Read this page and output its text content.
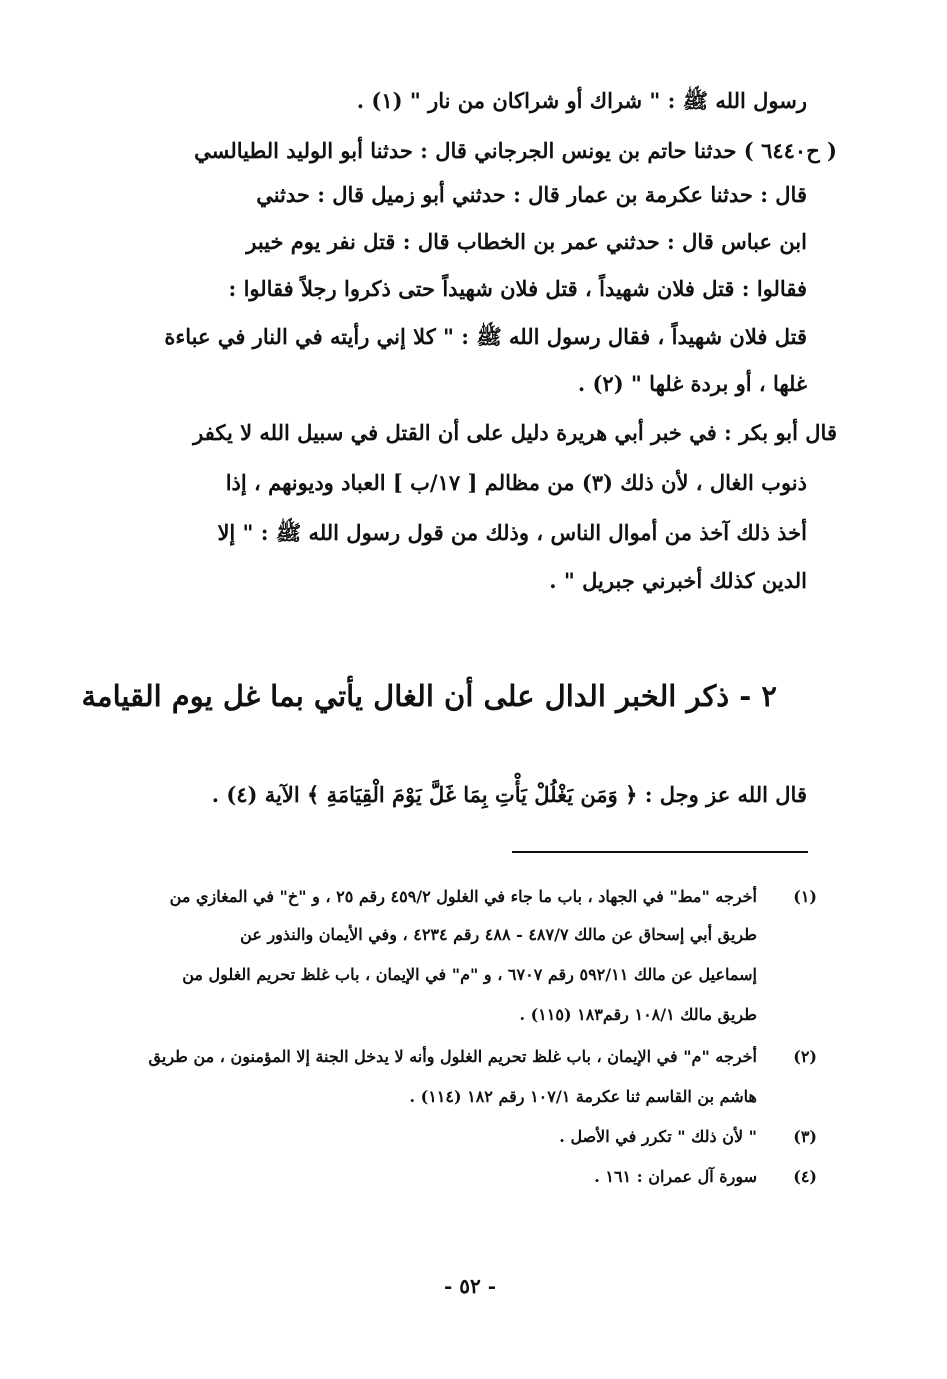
رسول الله ﷺ : " شراك أو شراكان من نار " (١) .
( ح٦٤٤٠ ) حدثنا حاتم بن يونس الجرجاني قال : حدثنا أبو الوليد الطيالسي
قال : حدثنا عكرمة بن عمار قال : حدثني أبو زميل قال : حدثني
ابن عباس قال : حدثني عمر بن الخطاب قال : قتل نفر يوم خيبر
فقالوا : قتل فلان شهيداً ، قتل فلان شهيداً حتى ذكروا رجلاً فقالوا :
قتل فلان شهيداً ، فقال رسول الله ﷺ : " كلا إني رأيته في النار في عباءة
غلها ، أو بردة غلها " (٢) .
قال أبو بكر : في خبر أبي هريرة دليل على أن القتل في سبيل الله لا يكفر
ذنوب الغال ، لأن ذلك (٣) من مظالم [ ١٧/ب ] العباد وديونهم ، إذا
أخذ ذلك آخذ من أموال الناس ، وذلك من قول رسول الله ﷺ : " إلا
الدين كذلك أخبرني جبريل " .
٢ - ذكر الخبر الدال على أن الغال يأتي بما غل يوم القيامة
قال الله عز وجل : ﴿ وَمَن يَغْلُلْ يَأْتِ بِمَا غَلَّ يَوْمَ الْقِيَامَةِ ﴾ الآية (٤) .
(١)
أخرجه "مط" في الجهاد ، باب ما جاء في الغلول ٤٥٩/٢ رقم ٢٥ ، و "خ" في المغازي من
طريق أبي إسحاق عن مالك ٤٨٧/٧ - ٤٨٨ رقم ٤٢٣٤ ، وفي الأيمان والنذور عن
إسماعيل عن مالك ٥٩٢/١١ رقم ٦٧٠٧ ، و "م" في الإيمان ، باب غلظ تحريم الغلول من
طريق مالك ١٠٨/١ رقم١٨٣ (١١٥) .
(٢)
أخرجه "م" في الإيمان ، باب غلظ تحريم الغلول وأنه لا يدخل الجنة إلا المؤمنون ، من طريق
هاشم بن القاسم ثنا عكرمة ١٠٧/١ رقم ١٨٢ (١١٤) .
(٣)
" لأن ذلك " تكرر في الأصل .
(٤)
سورة آل عمران : ١٦١ .
- ٥٢ -
